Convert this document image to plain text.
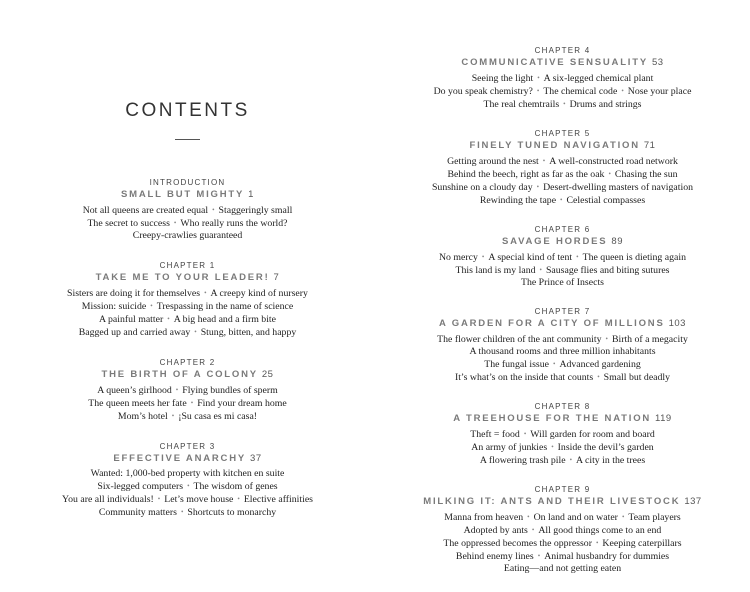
CONTENTS
INTRODUCTION
SMALL BUT MIGHTY 1
Not all queens are created equal • Staggeringly small
The secret to success • Who really runs the world?
Creepy-crawlies guaranteed
CHAPTER 1
TAKE ME TO YOUR LEADER! 7
Sisters are doing it for themselves • A creepy kind of nursery
Mission: suicide • Trespassing in the name of science
A painful matter • A big head and a firm bite
Bagged up and carried away • Stung, bitten, and happy
CHAPTER 2
THE BIRTH OF A COLONY 25
A queen’s girlhood • Flying bundles of sperm
The queen meets her fate • Find your dream home
Mom’s hotel • ¡Su casa es mi casa!
CHAPTER 3
EFFECTIVE ANARCHY 37
Wanted: 1,000-bed property with kitchen en suite
Six-legged computers • The wisdom of genes
You are all individuals! • Let’s move house • Elective affinities
Community matters • Shortcuts to monarchy
CHAPTER 4
COMMUNICATIVE SENSUALITY 53
Seeing the light • A six-legged chemical plant
Do you speak chemistry? • The chemical code • Nose your place
The real chemtrails • Drums and strings
CHAPTER 5
FINELY TUNED NAVIGATION 71
Getting around the nest • A well-constructed road network
Behind the beech, right as far as the oak • Chasing the sun
Sunshine on a cloudy day • Desert-dwelling masters of navigation
Rewinding the tape • Celestial compasses
CHAPTER 6
SAVAGE HORDES 89
No mercy • A special kind of tent • The queen is dieting again
This land is my land • Sausage flies and biting sutures
The Prince of Insects
CHAPTER 7
A GARDEN FOR A CITY OF MILLIONS 103
The flower children of the ant community • Birth of a megacity
A thousand rooms and three million inhabitants
The fungal issue • Advanced gardening
It’s what’s on the inside that counts • Small but deadly
CHAPTER 8
A TREEHOUSE FOR THE NATION 119
Theft = food • Will garden for room and board
An army of junkies • Inside the devil’s garden
A flowering trash pile • A city in the trees
CHAPTER 9
MILKING IT: ANTS AND THEIR LIVESTOCK 137
Manna from heaven • On land and on water • Team players
Adopted by ants • All good things come to an end
The oppressed becomes the oppressor • Keeping caterpillars
Behind enemy lines • Animal husbandry for dummies
Eating—and not getting eaten
